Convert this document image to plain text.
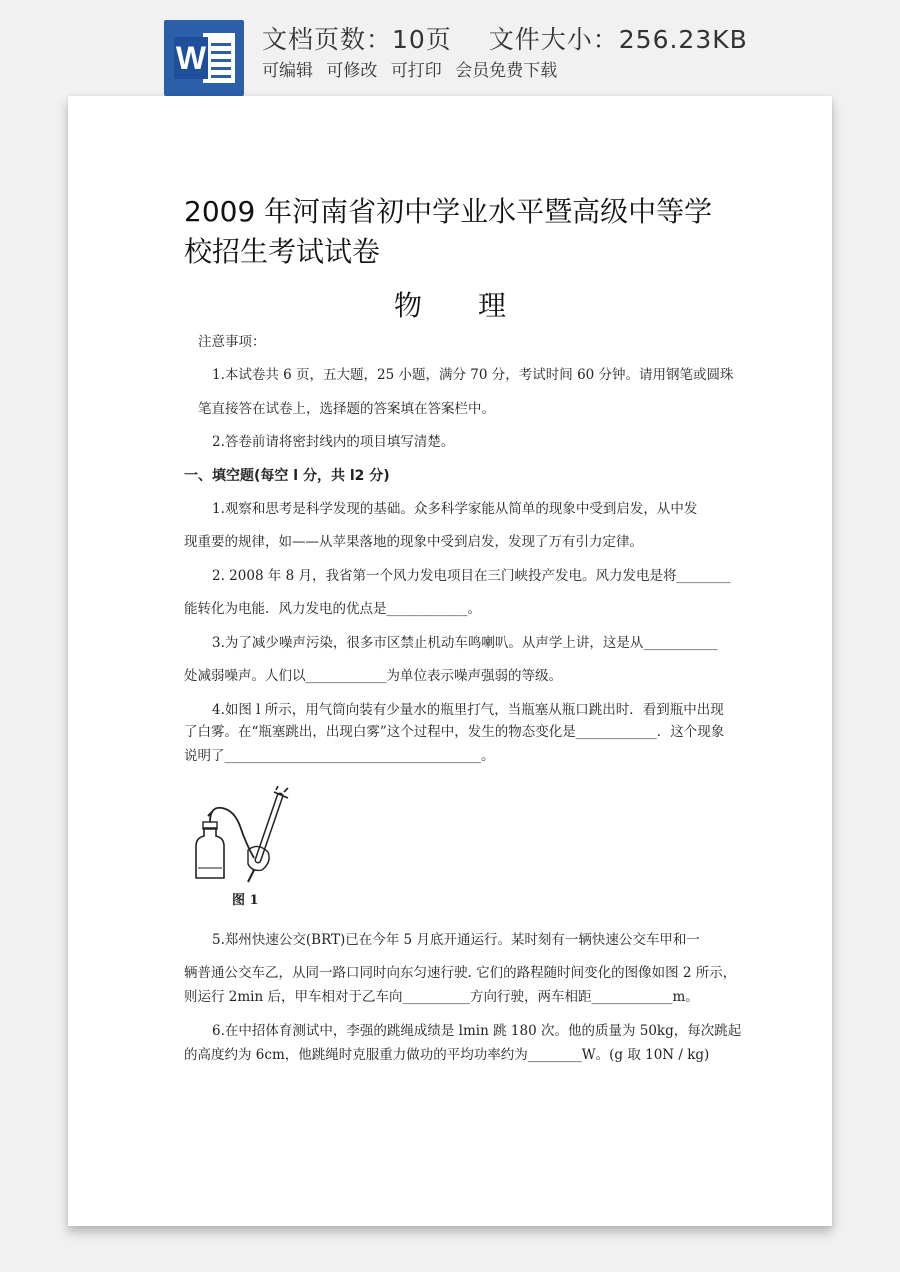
W
文档页数：10页 文件大小：256.23KB
可编辑 可修改 可打印 会员免费下载
2009 年河南省初中学业水平暨高级中等学
校招生考试试卷
物理
注意事项：
1.本试卷共 6 页，五大题，25 小题，满分 70 分，考试时间 60 分钟。请用钢笔或圆珠
笔直接答在试卷上，选择题的答案填在答案栏中。
2.答卷前请将密封线内的项目填写清楚。
一、填空题(每空 l 分，共 l2 分)
1.观察和思考是科学发现的基础。众多科学家能从简单的现象中受到启发，从中发
现重要的规律，如——从苹果落地的现象中受到启发，发现了万有引力定律。
2. 2008 年 8 月，我省第一个风力发电项目在三门峡投产发电。风力发电是将________
能转化为电能．风力发电的优点是____________。
3.为了减少噪声污染，很多市区禁止机动车鸣喇叭。从声学上讲，这是从___________
处减弱噪声。人们以____________为单位表示噪声强弱的等级。
4.如图 l 所示，用气筒向装有少量水的瓶里打气，当瓶塞从瓶口跳出时．看到瓶中出现
了白雾。在“瓶塞跳出，出现白雾”这个过程中，发生的物态变化是____________．这个现象
说明了______________________________________。
图 1
5.郑州快速公交(BRT)已在今年 5 月底开通运行。某时刻有一辆快速公交车甲和一
辆普通公交车乙，从同一路口同时向东匀速行驶. 它们的路程随时间变化的图像如图 2 所示，
则运行 2min 后，甲车相对于乙车向__________方向行驶，两车相距____________m。
6.在中招体育测试中，李强的跳绳成绩是 lmin 跳 180 次。他的质量为 50kg，每次跳起
的高度约为 6cm，他跳绳时克服重力做功的平均功率约为________W。(g 取 10N / kg)
